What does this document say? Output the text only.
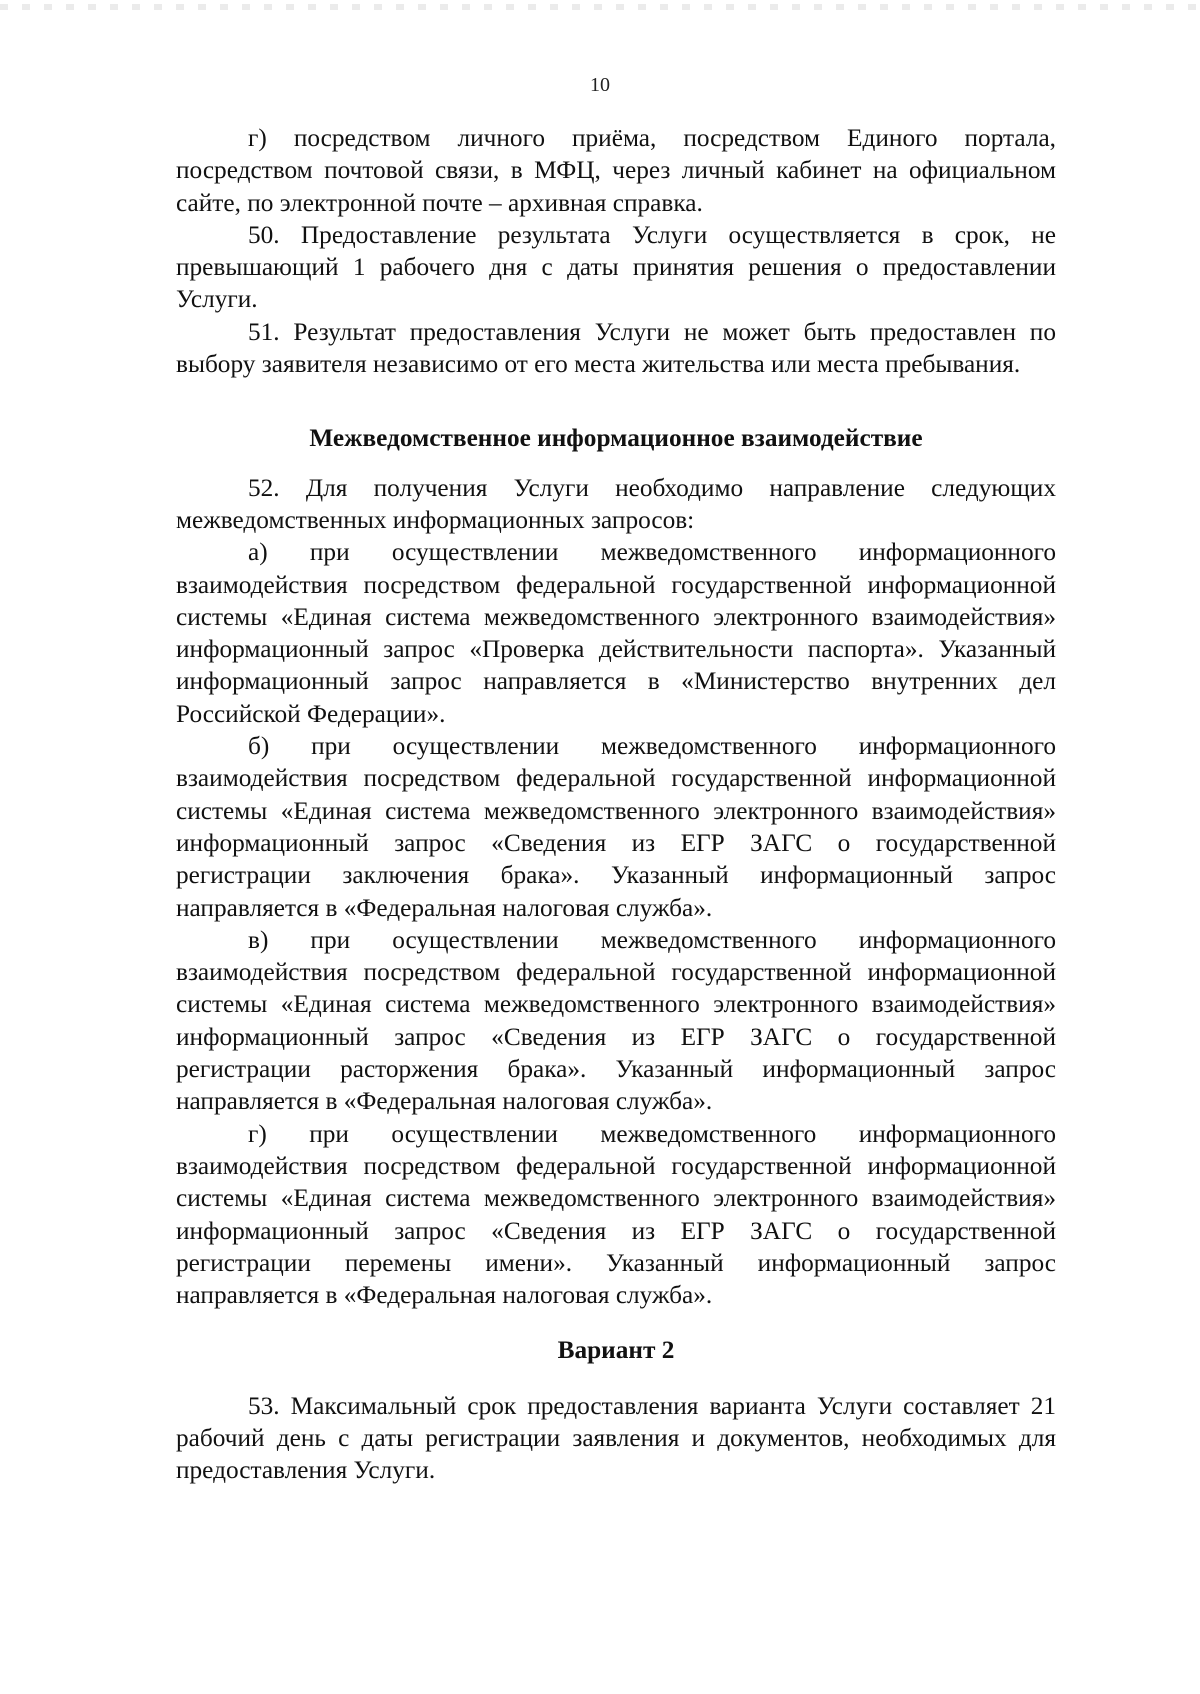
10

г) посредством личного приёма, посредством Единого портала, посредством почтовой связи, в МФЦ, через личный кабинет на официальном сайте, по электронной почте – архивная справка.

50. Предоставление результата Услуги осуществляется в срок, не превышающий 1 рабочего дня с даты принятия решения о предоставлении Услуги.

51. Результат предоставления Услуги не может быть предоставлен по выбору заявителя независимо от его места жительства или места пребывания.

Межведомственное информационное взаимодействие

52. Для получения Услуги необходимо направление следующих межведомственных информационных запросов:

а) при осуществлении межведомственного информационного взаимодействия посредством федеральной государственной информационной системы «Единая система межведомственного электронного взаимодействия» информационный запрос «Проверка действительности паспорта». Указанный информационный запрос направляется в «Министерство внутренних дел Российской Федерации».

б) при осуществлении межведомственного информационного взаимодействия посредством федеральной государственной информационной системы «Единая система межведомственного электронного взаимодействия» информационный запрос «Сведения из ЕГР ЗАГС о государственной регистрации заключения брака». Указанный информационный запрос направляется в «Федеральная налоговая служба».

в) при осуществлении межведомственного информационного взаимодействия посредством федеральной государственной информационной системы «Единая система межведомственного электронного взаимодействия» информационный запрос «Сведения из ЕГР ЗАГС о государственной регистрации расторжения брака». Указанный информационный запрос направляется в «Федеральная налоговая служба».

г) при осуществлении межведомственного информационного взаимодействия посредством федеральной государственной информационной системы «Единая система межведомственного электронного взаимодействия» информационный запрос «Сведения из ЕГР ЗАГС о государственной регистрации перемены имени». Указанный информационный запрос направляется в «Федеральная налоговая служба».

Вариант 2

53. Максимальный срок предоставления варианта Услуги составляет 21 рабочий день с даты регистрации заявления и документов, необходимых для предоставления Услуги.
